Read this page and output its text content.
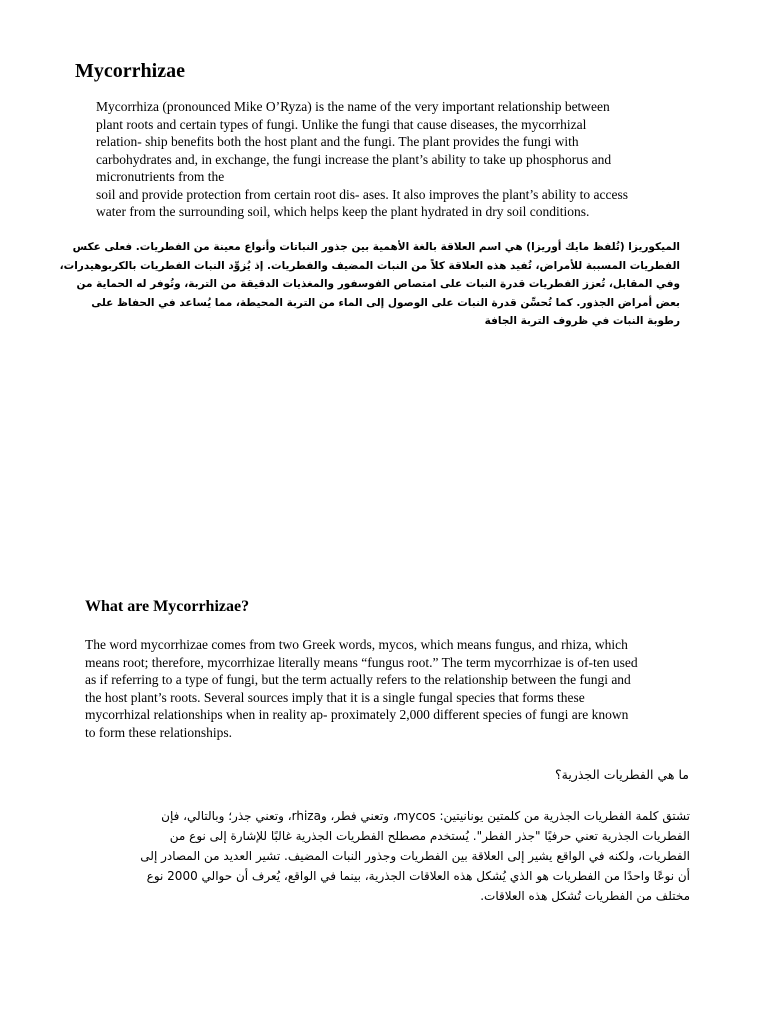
Mycorrhizae

Mycorrhiza (pronounced Mike O’Ryza) is the name of the very important relationship between
plant roots and certain types of fungi. Unlike the fungi that cause diseases, the mycorrhizal
relation- ship benefits both the host plant and the fungi. The plant provides the fungi with
carbohydrates and, in exchange, the fungi increase the plant’s ability to take up phosphorus and
micronutrients from the
soil and provide protection from certain root dis- ases. It also improves the plant’s ability to access
water from the surrounding soil, which helps keep the plant hydrated in dry soil conditions.

الميكوريزا (تُلفظ مايك أوريزا) هي اسم العلاقة بالغة الأهمية بين جذور النباتات وأنواع معينة من الفطريات. فعلى عكس
الفطريات المسببة للأمراض، تُفيد هذه العلاقة كلاً من النبات المضيف والفطريات. إذ يُزوِّد النبات الفطريات بالكربوهيدرات،
وفي المقابل، تُعزز الفطريات قدرة النبات على امتصاص الفوسفور والمغذيات الدقيقة من التربة، وتُوفر له الحماية من
بعض أمراض الجذور. كما تُحسِّن قدرة النبات على الوصول إلى الماء من التربة المحيطة، مما يُساعد في الحفاظ على
رطوبة النبات في ظروف التربة الجافة

What are Mycorrhizae?

The word mycorrhizae comes from two Greek words, mycos, which means fungus, and rhiza, which
means root; therefore, mycorrhizae literally means “fungus root.” The term mycorrhizae is of-ten used
as if referring to a type of fungi, but the term actually refers to the relationship between the fungi and
the host plant’s roots. Several sources imply that it is a single fungal species that forms these
mycorrhizal relationships when in reality ap- proximately 2,000 different species of fungi are known
to form these relationships.

ما هي الفطريات الجذرية؟

تشتق كلمة الفطريات الجذرية من كلمتين يونانيتين: mycos، وتعني فطر، وrhiza، وتعني جذر؛ وبالتالي، فإن
الفطريات الجذرية تعني حرفيًا "جذر الفطر". يُستخدم مصطلح الفطريات الجذرية غالبًا للإشارة إلى نوع من
الفطريات، ولكنه في الواقع يشير إلى العلاقة بين الفطريات وجذور النبات المضيف. تشير العديد من المصادر إلى
أن نوعًا واحدًا من الفطريات هو الذي يُشكل هذه العلاقات الجذرية، بينما في الواقع، يُعرف أن حوالي 2000 نوع
مختلف من الفطريات تُشكل هذه العلاقات.
